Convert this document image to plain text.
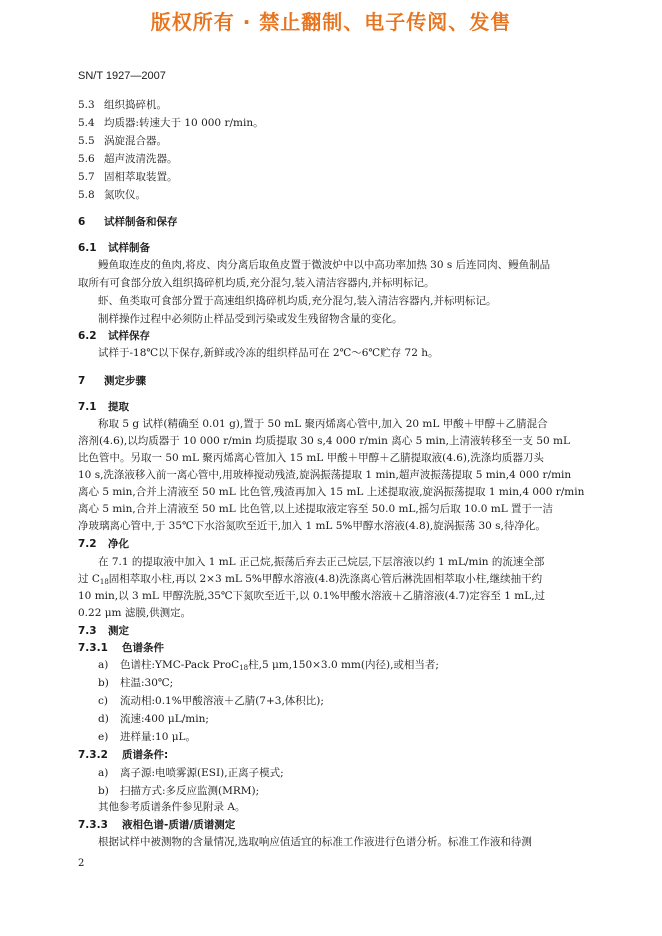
版权所有 · 禁止翻制、电子传阅、发售
SN/T 1927—2007
5.3 组织捣碎机。
5.4 均质器:转速大于 10 000 r/min。
5.5 涡旋混合器。
5.6 超声波清洗器。
5.7 固相萃取装置。
5.8 氮吹仪。
6 试样制备和保存
6.1 试样制备
鳗鱼取连皮的鱼肉,将皮、肉分离后取鱼皮置于微波炉中以中高功率加热 30 s 后连同肉、鳗鱼制品
取所有可食部分放入组织捣碎机均质,充分混匀,装入清洁容器内,并标明标记。
虾、鱼类取可食部分置于高速组织捣碎机均质,充分混匀,装入清洁容器内,并标明标记。
制样操作过程中必须防止样品受到污染或发生残留物含量的变化。
6.2 试样保存
试样于-18℃以下保存,新鲜或冷冻的组织样品可在 2℃～6℃贮存 72 h。
7 测定步骤
7.1 提取
称取 5 g 试样(精确至 0.01 g),置于 50 mL 聚丙烯离心管中,加入 20 mL 甲酸＋甲醇＋乙腈混合
溶剂(4.6),以均质器于 10 000 r/min 均质提取 30 s,4 000 r/min 离心 5 min,上清液转移至一支 50 mL
比色管中。另取一 50 mL 聚丙烯离心管加入 15 mL 甲酸＋甲醇＋乙腈提取液(4.6),洗涤均质器刀头
10 s,洗涤液移入前一离心管中,用玻棒搅动残渣,旋涡振荡提取 1 min,超声波振荡提取 5 min,4 000 r/min
离心 5 min,合并上清液至 50 mL 比色管,残渣再加入 15 mL 上述提取液,旋涡振荡提取 1 min,4 000 r/min
离心 5 min,合并上清液至 50 mL 比色管,以上述提取液定容至 50.0 mL,摇匀后取 10.0 mL 置于一洁
净玻璃离心管中,于 35℃下水浴氮吹至近干,加入 1 mL 5%甲醇水溶液(4.8),旋涡振荡 30 s,待净化。
7.2 净化
在 7.1 的提取液中加入 1 mL 正己烷,振荡后弃去正己烷层,下层溶液以约 1 mL/min 的流速全部
过 $C_{18}$固相萃取小柱,再以 2×3 mL 5%甲醇水溶液(4.8)洗涤离心管后淋洗固相萃取小柱,继续抽干约
10 min,以 3 mL 甲醇洗脱,35℃下氮吹至近干,以 0.1%甲酸水溶液＋乙腈溶液(4.7)定容至 1 mL,过
0.22 μm 滤膜,供测定。
7.3 测定
7.3.1 色谱条件
a) 色谱柱:YMC-Pack ProC$_{18}$柱,5 μm,150×3.0 mm(内径),或相当者;
b) 柱温:30℃;
c) 流动相:0.1%甲酸溶液＋乙腈(7+3,体积比);
d) 流速:400 μL/min;
e) 进样量:10 μL。
7.3.2 质谱条件:
a) 离子源:电喷雾源(ESI),正离子模式;
b) 扫描方式:多反应监测(MRM);
其他参考质谱条件参见附录 A。
7.3.3 液相色谱-质谱/质谱测定
根据试样中被测物的含量情况,选取响应值适宜的标准工作液进行色谱分析。标准工作液和待测
2
